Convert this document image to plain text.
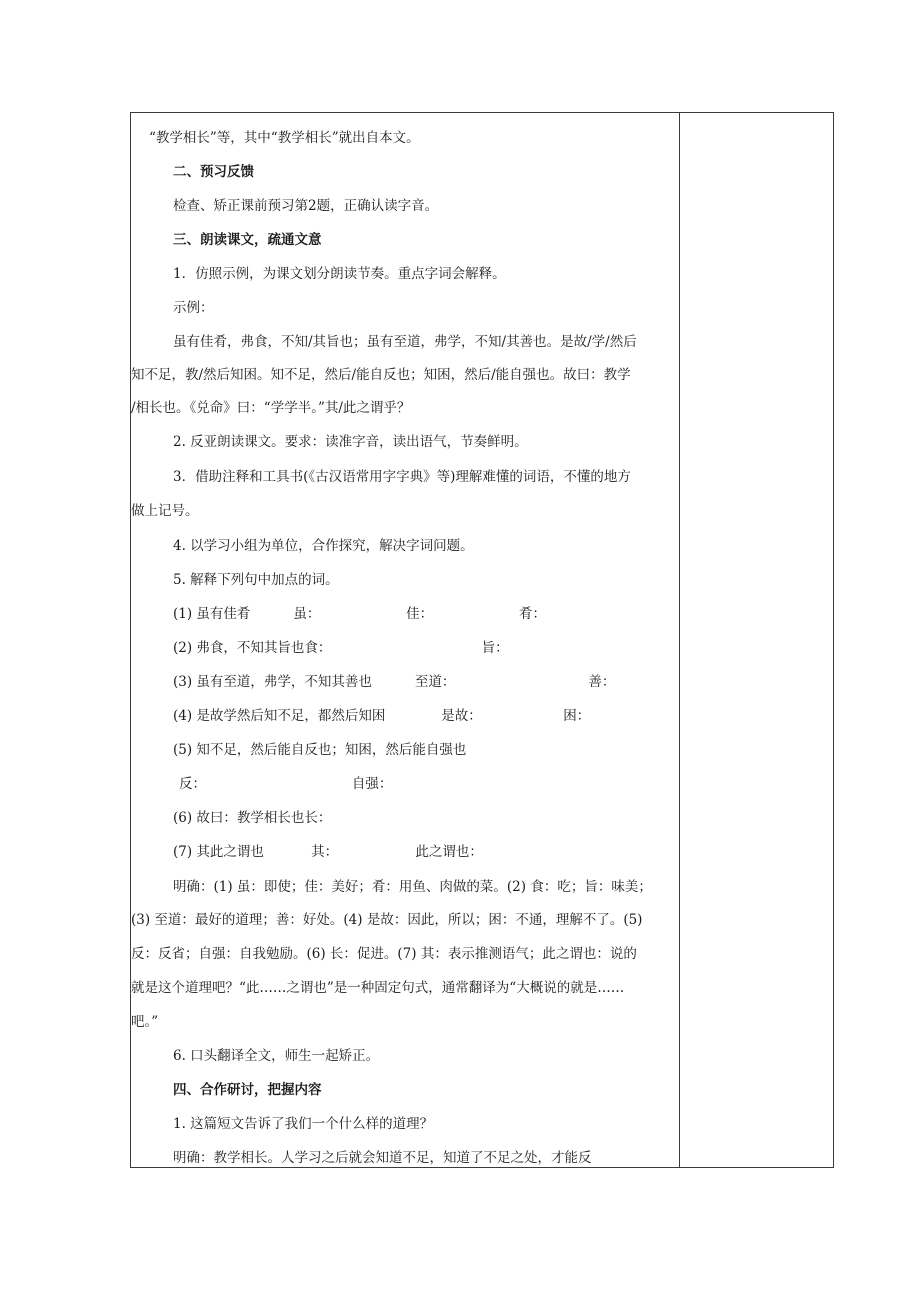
“教学相长”等，其中“教学相长”就出自本文。
二、预习反馈
检查、矫正课前预习第2题，正确认读字音。
三、朗读课文，疏通文意
1．仿照示例，为课文划分朗读节奏。重点字词会解释。
示例：
虽有佳肴，弗食，不知/其旨也；虽有至道，弗学，不知/其善也。是故/学/然后
知不足，教/然后知困。知不足，然后/能自反也；知困，然后/能自强也。故曰：教学
/相长也。《兑命》曰：“学学半。”其/此之谓乎？
2. 反亚朗读课文。要求：读准字音，读出语气，节奏鲜明。
3．借助注释和工具书(《古汉语常用字字典》等)理解难懂的词语，不懂的地方
做上记号。
4. 以学习小组为单位，合作探究，解决字词问题。
5. 解释下列句中加点的词。
(1) 虽有佳肴          虽：                    佳：                    肴：
(2) 弗食，不知其旨也食：                                   旨：
(3) 虽有至道，弗学，不知其善也          至道：                               善：
(4) 是故学然后知不足，都然后知困             是故：                   困：
(5) 知不足，然后能自反也；知困，然后能自强也
反：                                  自强：
(6) 故曰：教学相长也长：
(7) 其此之谓也           其：                  此之谓也：
明确：(1) 虽：即使；佳：美好；肴：用鱼、肉做的菜。(2) 食：吃；旨：味美；
(3) 至道：最好的道理；善：好处。(4) 是故：因此，所以；困：不通，理解不了。(5)
反：反省；自强：自我勉励。(6) 长：促进。(7) 其：表示推测语气；此之谓也：说的
就是这个道理吧？“此……之谓也”是一种固定句式，通常翻译为“大概说的就是……
吧。”
6. 口头翻译全文，师生一起矫正。
四、合作研讨，把握内容
1. 这篇短文告诉了我们一个什么样的道理？
明确：教学相长。人学习之后就会知道不足，知道了不足之处，才能反
